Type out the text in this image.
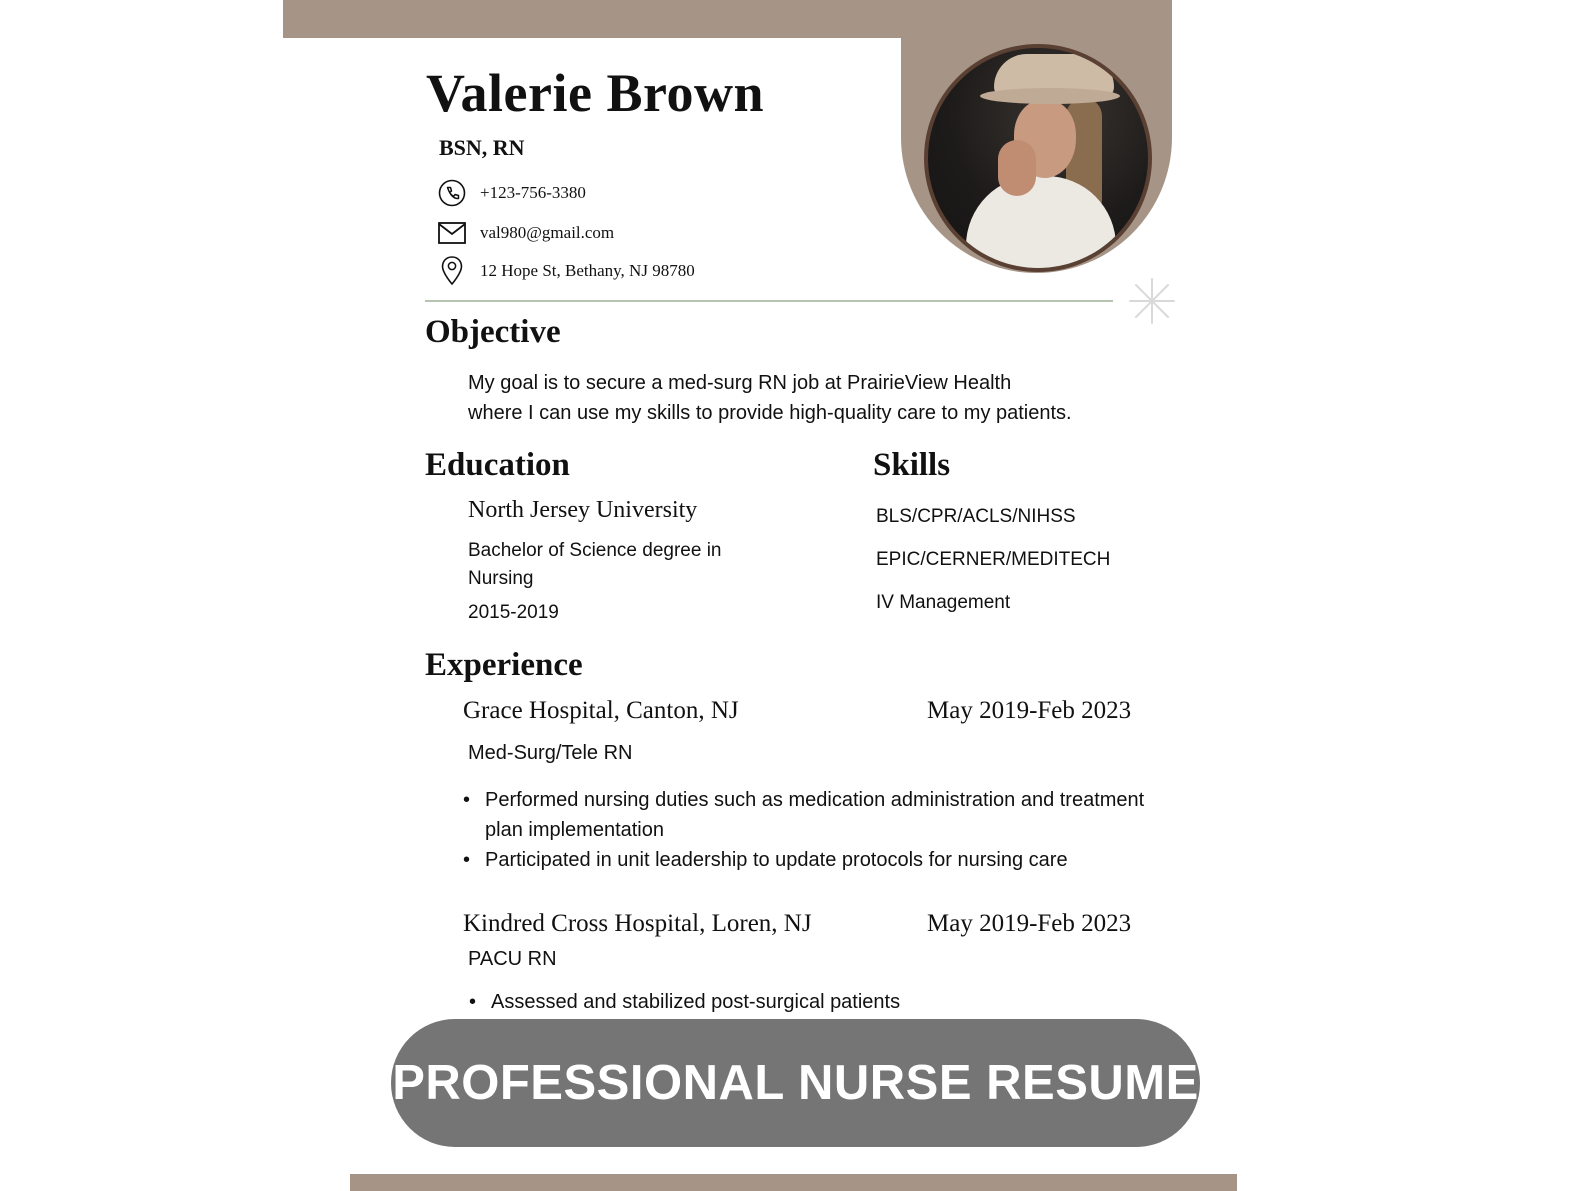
Valerie Brown
BSN, RN
+123-756-3380
val980@gmail.com
12 Hope St, Bethany, NJ 98780
Objective
My goal is to secure a med-surg RN job at PrairieView Health
where I can use my skills to provide high-quality care to my patients.
Education
North Jersey University
Bachelor of Science degree in Nursing
2015-2019
Skills
BLS/CPR/ACLS/NIHSS
EPIC/CERNER/MEDITECH
IV Management
Experience
Grace Hospital, Canton, NJ	May 2019-Feb 2023
Med-Surg/Tele RN
• Performed nursing duties such as medication administration and treatment plan implementation
• Participated in unit leadership to update protocols for nursing care
Kindred Cross Hospital, Loren, NJ	May 2019-Feb 2023
PACU RN
• Assessed and stabilized post-surgical patients
PROFESSIONAL NURSE RESUME
